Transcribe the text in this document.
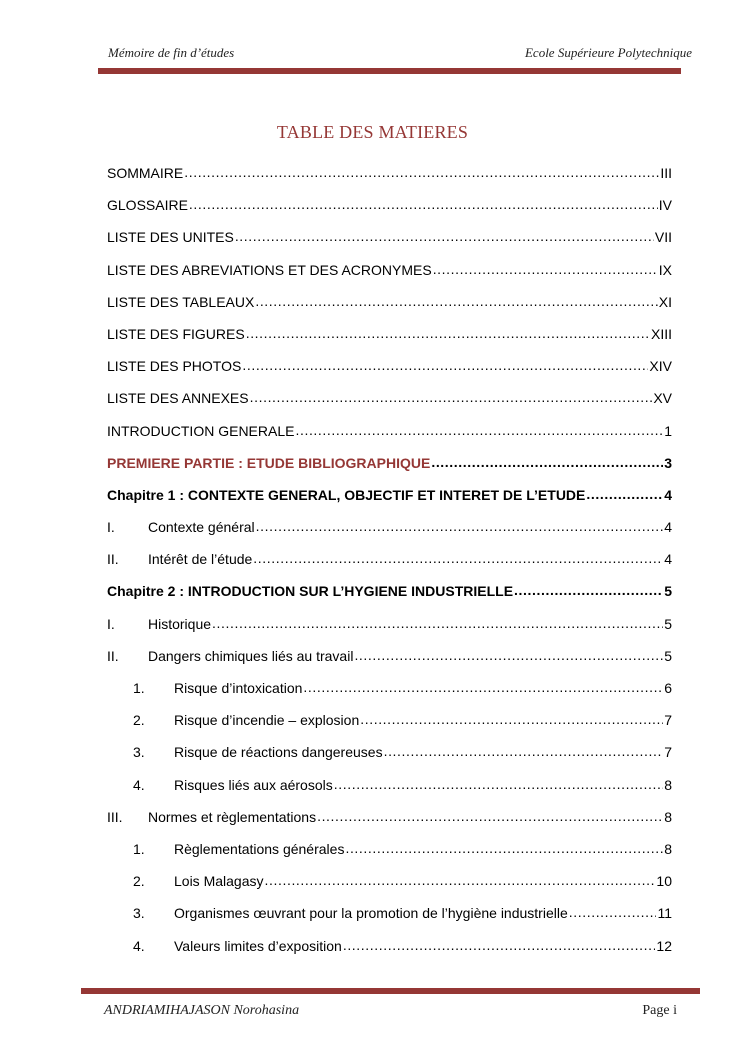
Mémoire de fin d’études	Ecole Supérieure Polytechnique
TABLE DES MATIERES
SOMMAIRE .....	III
GLOSSAIRE .....	IV
LISTE DES UNITES .....	VII
LISTE DES ABREVIATIONS ET DES ACRONYMES .....	IX
LISTE DES TABLEAUX .....	XI
LISTE DES FIGURES .....	XIII
LISTE DES PHOTOS .....	XIV
LISTE DES ANNEXES .....	XV
INTRODUCTION GENERALE .....	1
PREMIERE PARTIE : ETUDE BIBLIOGRAPHIQUE .....	3
Chapitre 1 : CONTEXTE GENERAL, OBJECTIF ET INTERET DE L’ETUDE .....	4
I.	Contexte général .....	4
II.	Intérêt de l’étude .....	4
Chapitre 2 : INTRODUCTION SUR L’HYGIENE INDUSTRIELLE .....	5
I.	Historique .....	5
II.	Dangers chimiques liés au travail .....	5
1.	Risque d’intoxication .....	6
2.	Risque d’incendie – explosion .....	7
3.	Risque de réactions dangereuses .....	7
4.	Risques liés aux aérosols .....	8
III.	Normes et règlementations .....	8
1.	Règlementations générales .....	8
2.	Lois Malagasy .....	10
3.	Organismes œuvrant pour la promotion de l’hygiène industrielle .....	11
4.	Valeurs limites d’exposition .....	12
ANDRIAMIHAJASON Norohasina	Page i
